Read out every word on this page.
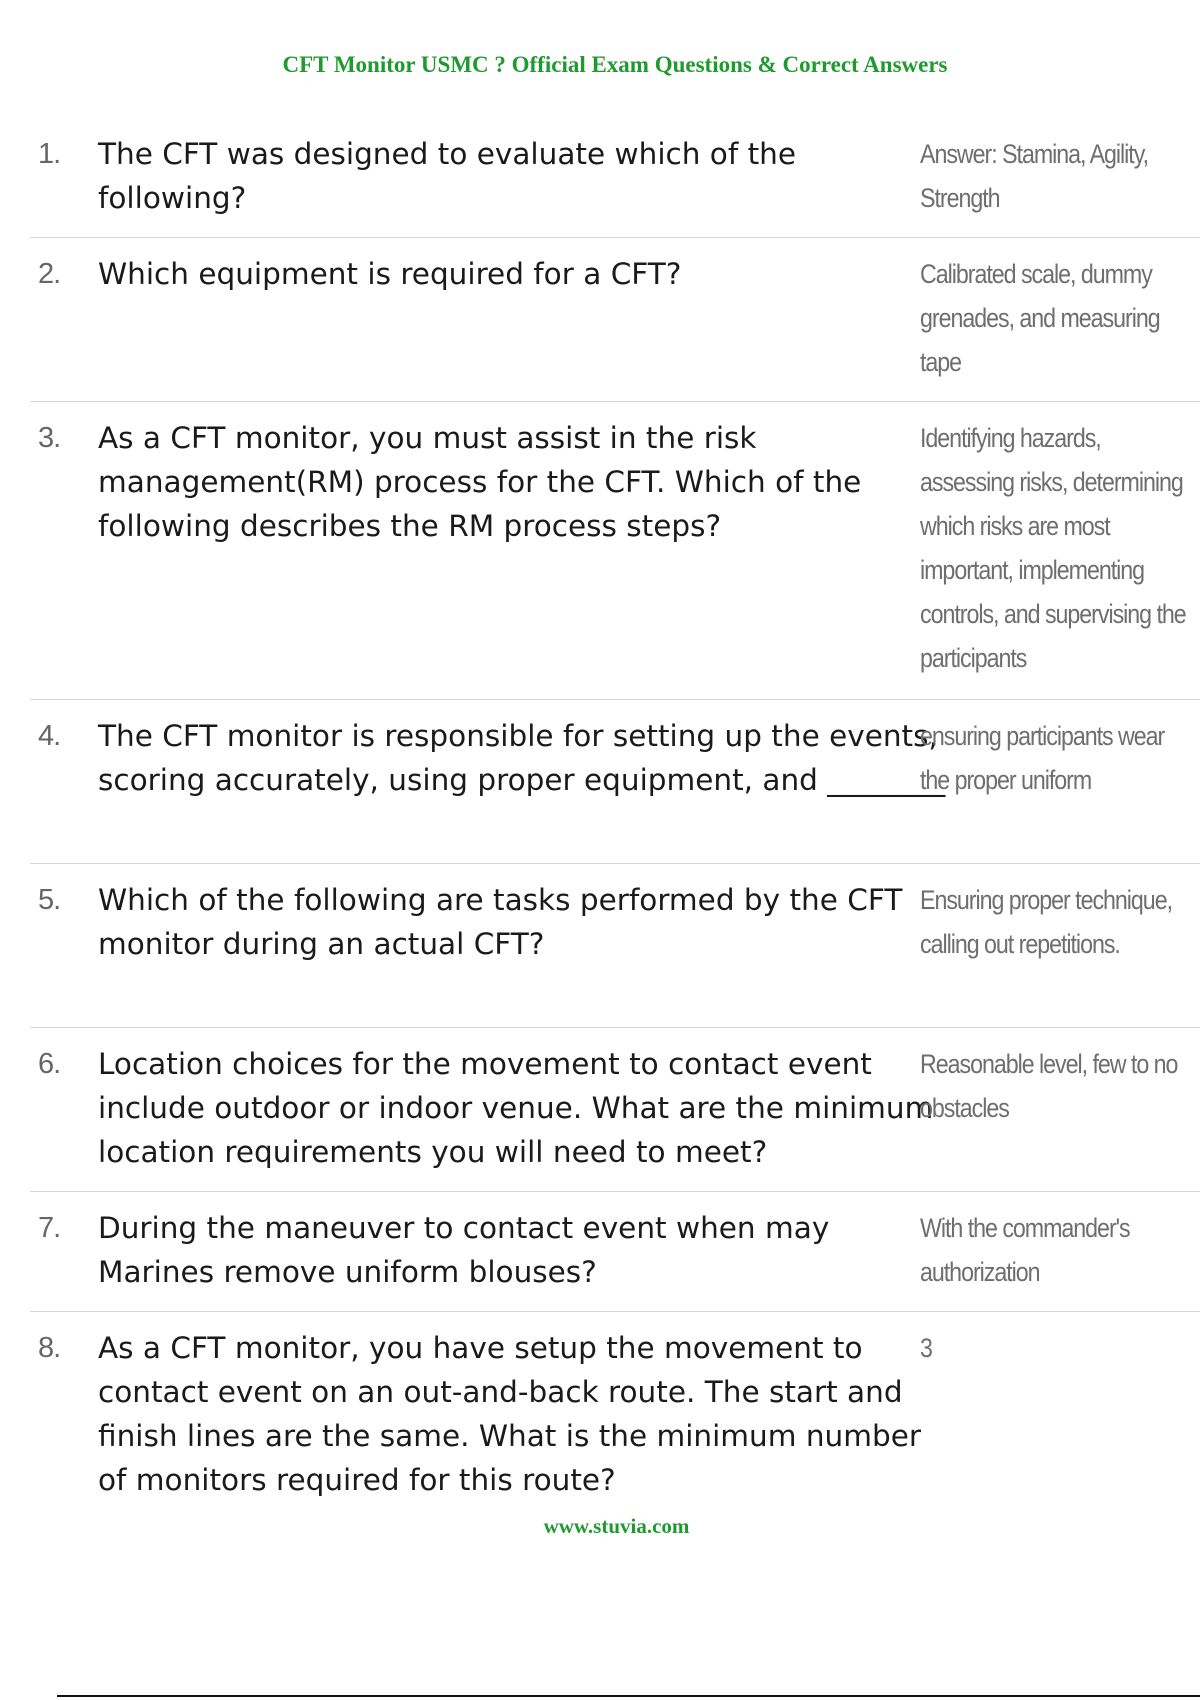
CFT Monitor USMC ? Official Exam Questions & Correct Answers
1. The CFT was designed to evaluate which of the following?
Answer: Stamina, Agility, Strength
2. Which equipment is required for a CFT?	Calibrated scale, dummy grenades, and measuring tape
3. As a CFT monitor, you must assist in the risk management(RM) process for the CFT. Which of the following describes the RM process steps?
Identifying hazards, assessing risks, determining which risks are most important, implementing controls, and supervising the participants
4. The CFT monitor is responsible for setting up the events, scoring accurately, using proper equipment, and ________
ensuring participants wear the proper uniform
5. Which of the following are tasks performed by the CFT monitor during an actual CFT?
Ensuring proper technique, calling out repetitions.
6. Location choices for the movement to contact event include outdoor or indoor venue. What are the minimum location requirements you will need to meet?
Reasonable level, few to no obstacles
7. During the maneuver to contact event when may Marines remove uniform blouses?
With the commander's authorization
8. As a CFT monitor, you have setup the movement to contact event on an out-and-back route. The start and finish lines are the same. What is the minimum number of monitors required for this route?
3
www.stuvia.com
